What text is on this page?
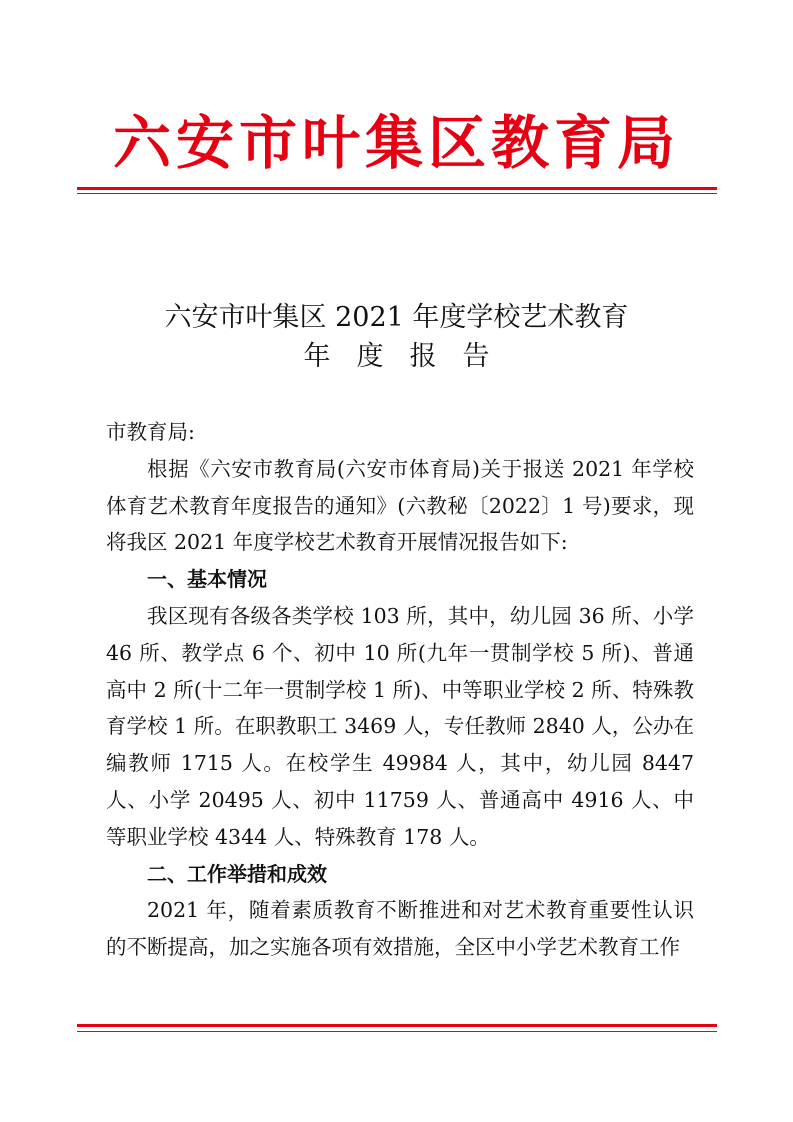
六安市叶集区教育局
六安市叶集区 2021 年度学校艺术教育
年度报告

市教育局:

根据《六安市教育局(六安市体育局)关于报送 2021 年学校体育艺术教育年度报告的通知》(六教秘〔2022〕1 号)要求，现将我区 2021 年度学校艺术教育开展情况报告如下:

一、基本情况

我区现有各级各类学校 103 所，其中，幼儿园 36 所、小学 46 所、教学点 6 个、初中 10 所(九年一贯制学校 5 所)、普通高中 2 所(十二年一贯制学校 1 所)、中等职业学校 2 所、特殊教育学校 1 所。在职教职工 3469 人，专任教师 2840 人，公办在编教师 1715 人。在校学生 49984 人，其中，幼儿园 8447 人、小学 20495 人、初中 11759 人、普通高中 4916 人、中等职业学校 4344 人、特殊教育 178 人。

二、工作举措和成效

2021 年，随着素质教育不断推进和对艺术教育重要性认识的不断提高，加之实施各项有效措施，全区中小学艺术教育工作
